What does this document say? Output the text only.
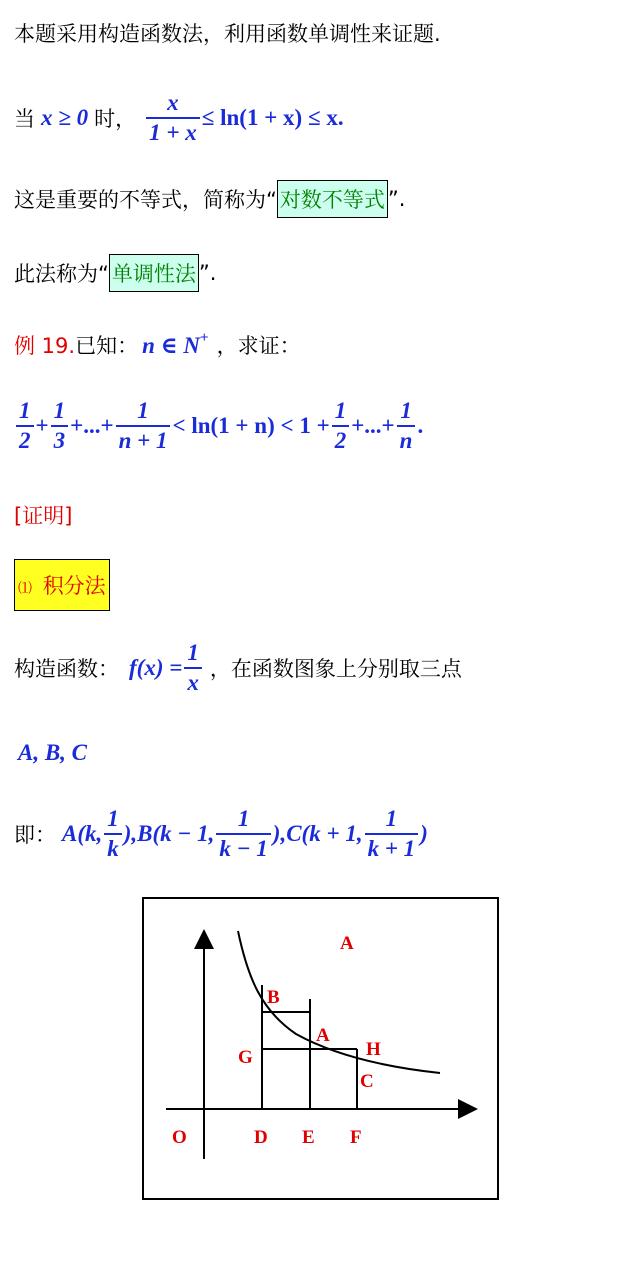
本题采用构造函数法，利用函数单调性来证题.
当 x ≥ 0 时， $\frac{x}{1 + x} \le \ln(1 + x) \le x$ .
这是重要的不等式，简称为“ 对数不等式 ”.
此法称为“ 单调性法 ”.
例 19. 已知： n ∈ N+ ，求证：
$\frac{1}{2} + \frac{1}{3}$ +...+ $\frac{1}{n + 1} < \ln(1 + n) < 1 + \frac{1}{2}$ +...+ $\frac{1}{n}$ .
[证明]
⑴ 积分法
构造函数： $f(x) = \frac{1}{x}$ ，在函数图象上分别取三点
A, B, C
即： A(k, $\frac{1}{k}$ ), B(k − 1, $\frac{1}{k - 1}$ ), C(k + 1, $\frac{1}{k + 1}$ )
A
B
A
G	H
C
O	D E F
